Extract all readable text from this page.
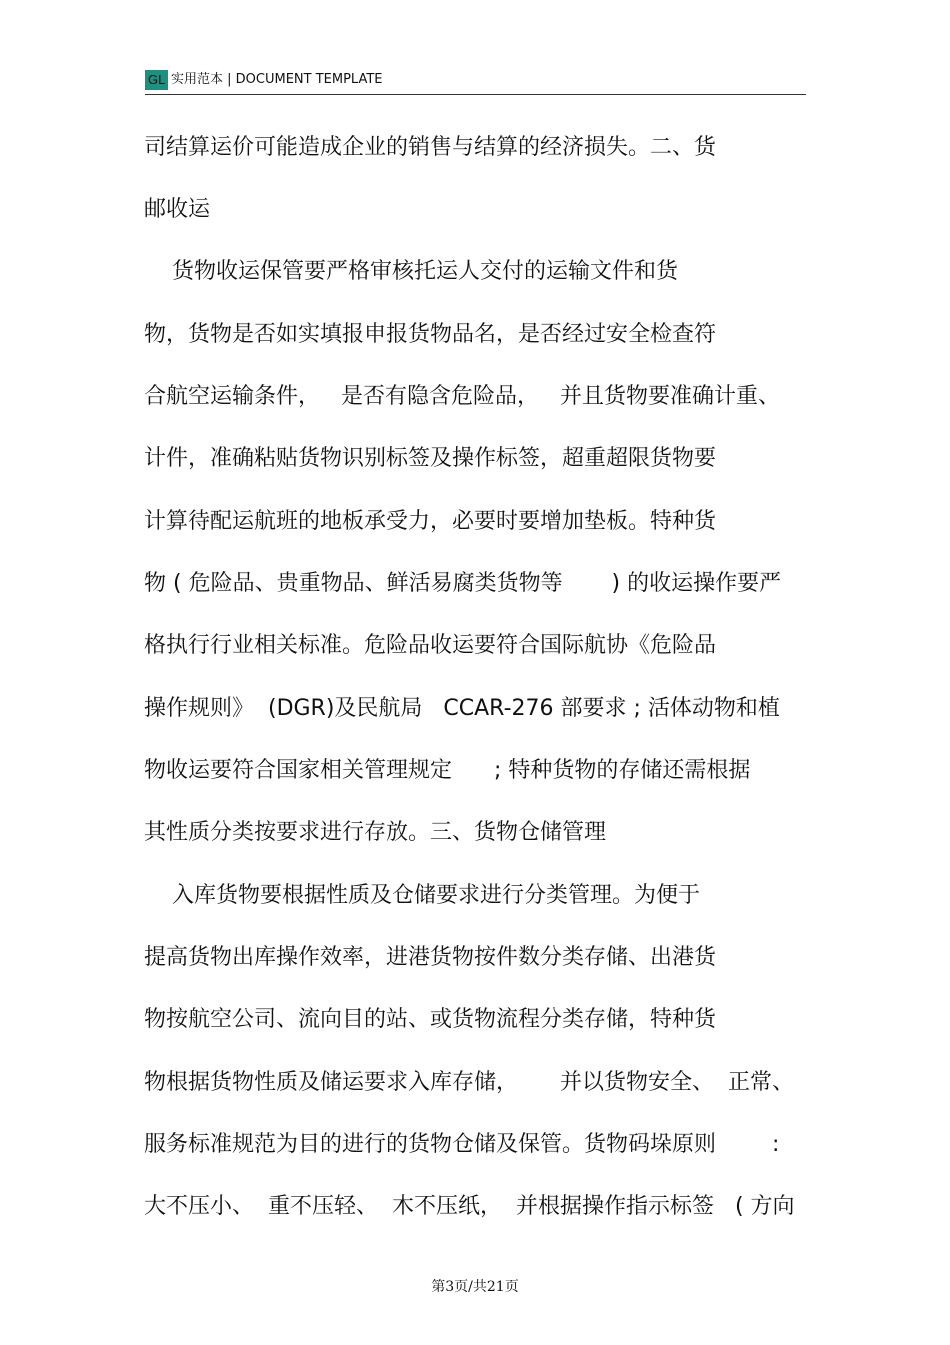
GL 实用范本 | DOCUMENT TEMPLATE
司结算运价可能造成企业的销售与结算的经济损失。二、货
邮收运
货物收运保管要严格审核托运人交付的运输文件和货
物，货物是否如实填报申报货物品名，是否经过安全检查符
合航空运输条件，   是否有隐含危险品，   并且货物要准确计重、
计件，准确粘贴货物识别标签及操作标签，超重超限货物要
计算待配运航班的地板承受力，必要时要增加垫板。特种货
物 ( 危险品、贵重物品、鲜活易腐类货物等       ) 的收运操作要严
格执行行业相关标准。危险品收运要符合国际航协《危险品
操作规则》  (DGR)及民航局   CCAR-276 部要求 ; 活体动物和植
物收运要符合国家相关管理规定      ; 特种货物的存储还需根据
其性质分类按要求进行存放。三、货物仓储管理
入库货物要根据性质及仓储要求进行分类管理。为便于
提高货物出库操作效率，进港货物按件数分类存储、出港货
物按航空公司、流向目的站、或货物流程分类存储，特种货
物根据货物性质及储运要求入库存储，      并以货物安全、  正常、
服务标准规范为目的进行的货物仓储及保管。货物码垛原则        :
大不压小、  重不压轻、  木不压纸，  并根据操作指示标签   ( 方向
第3页/共21页
